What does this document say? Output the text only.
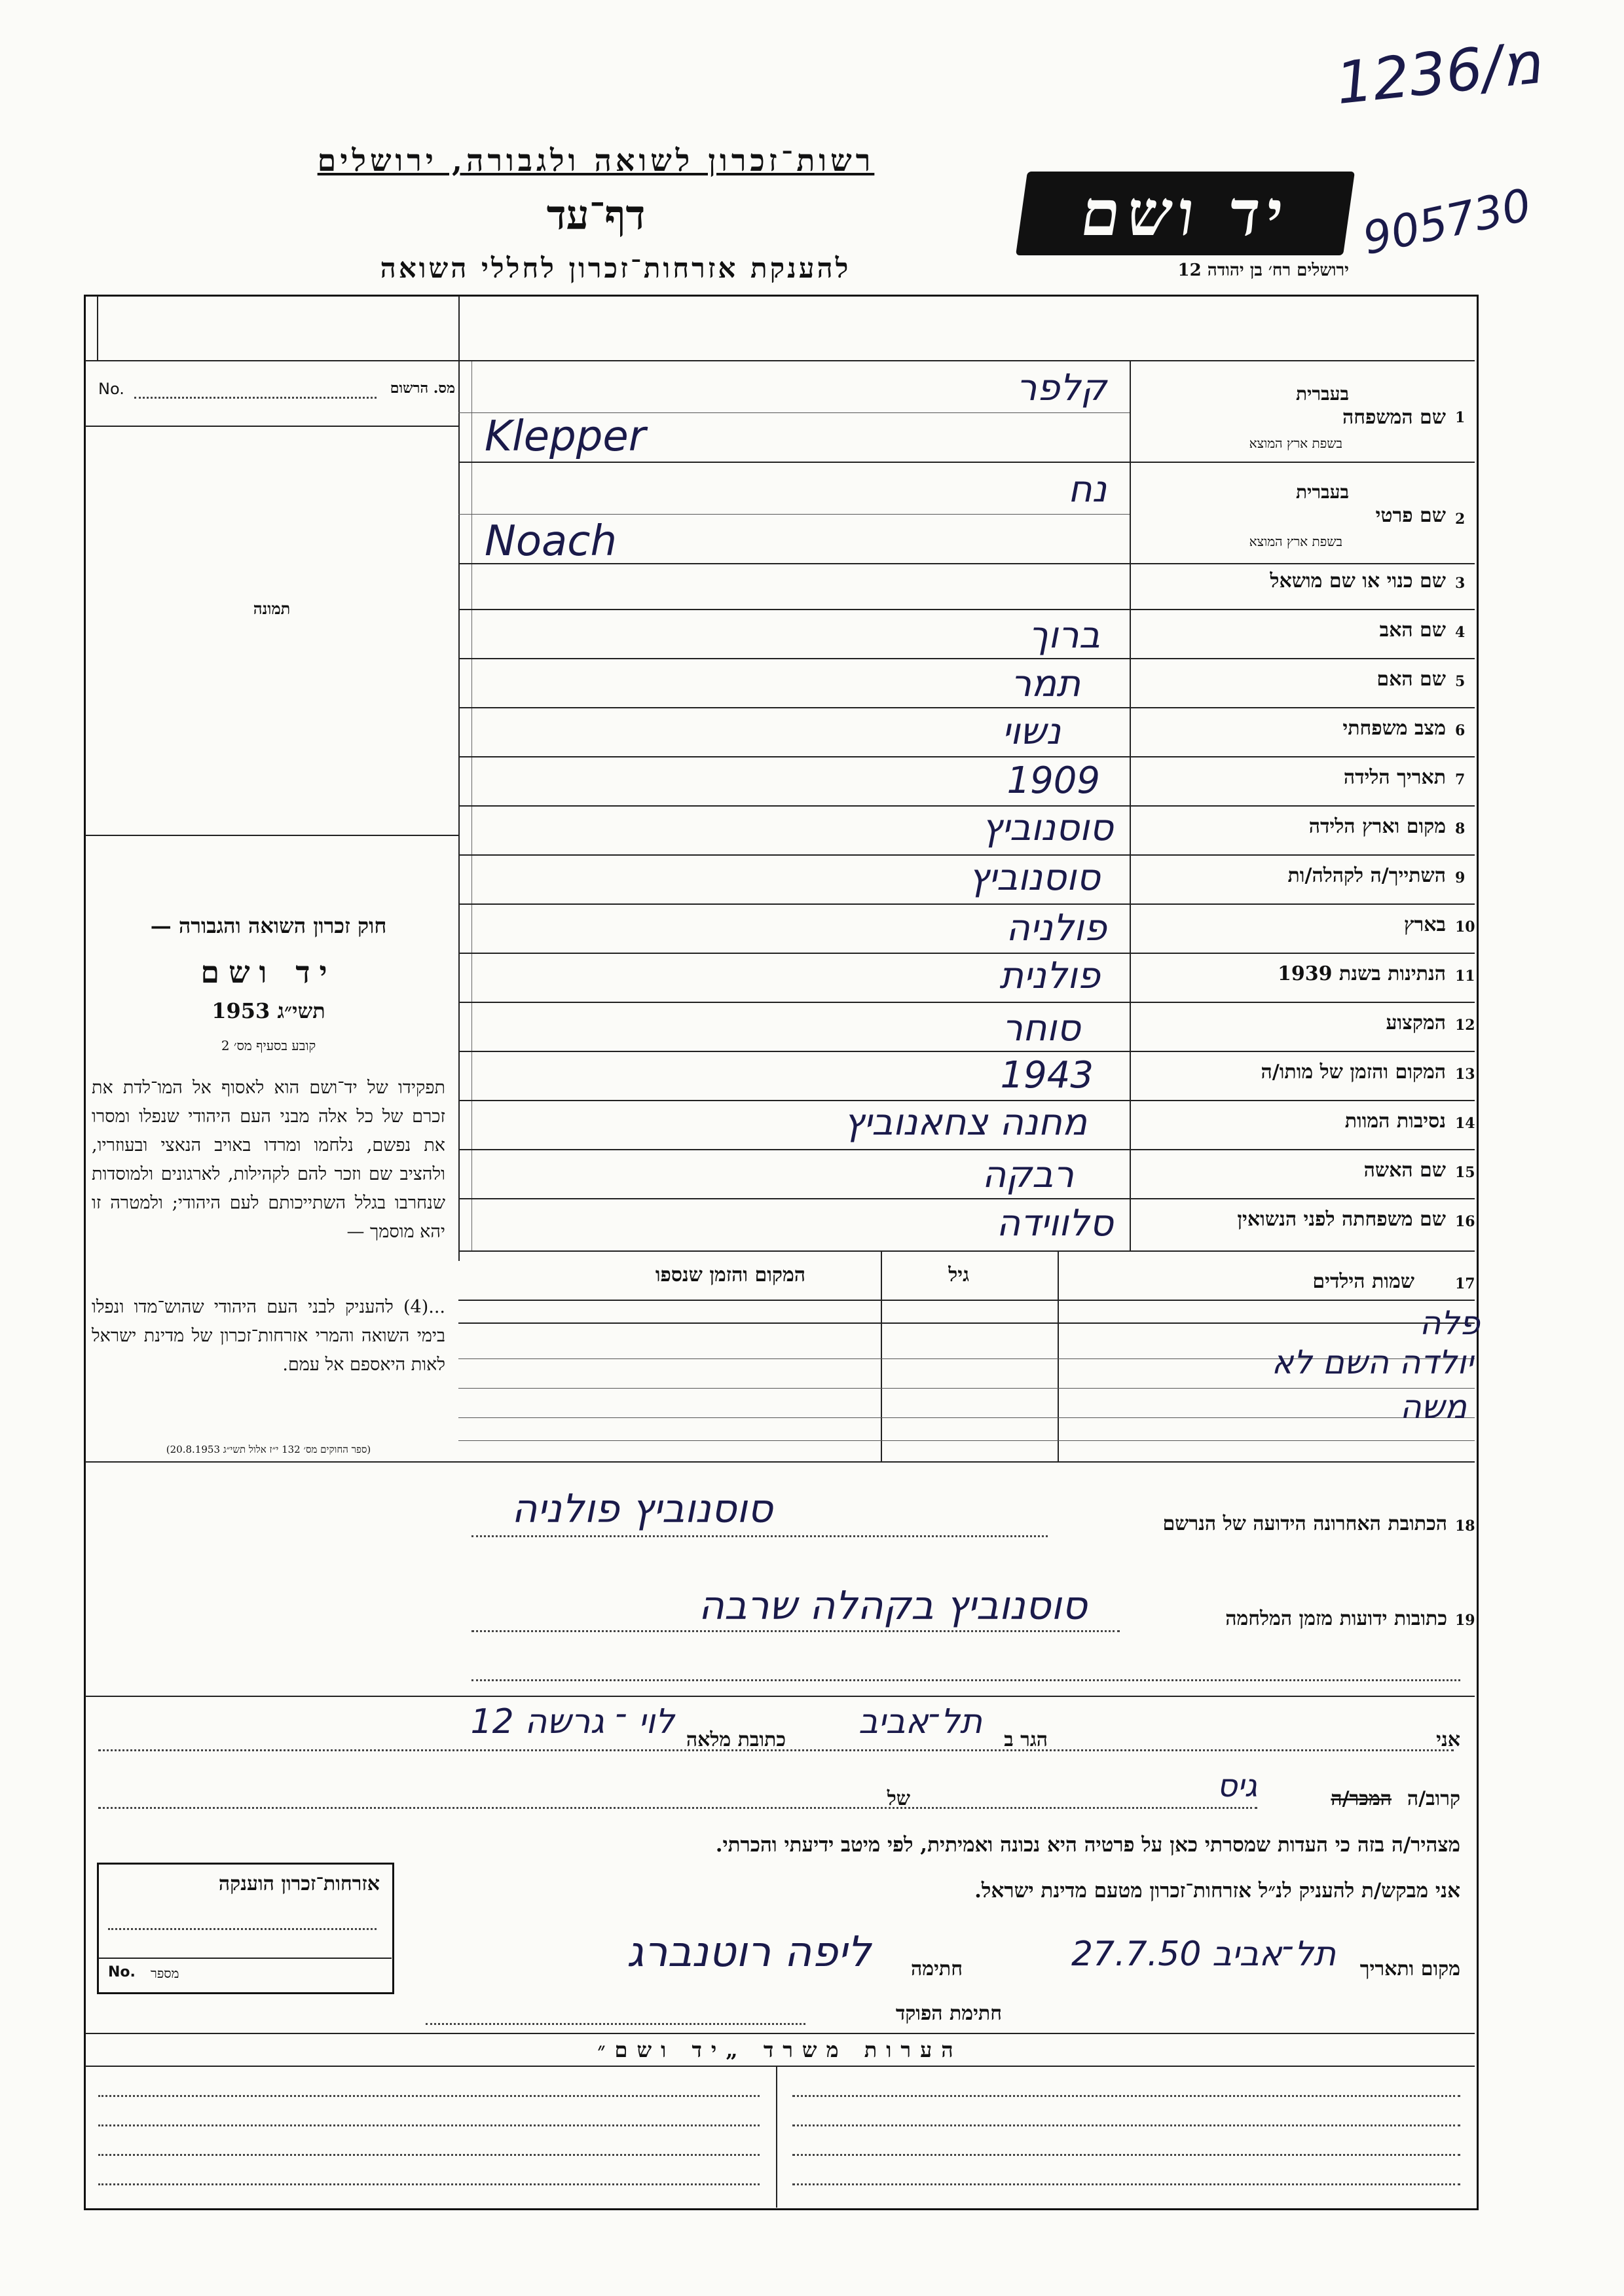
רשות־זכרון לשואה ולגבורה, ירושלים
דף־עד
להענקת אזרחות־זכרון לחללי השואה
יד ושם
ירושלים רח׳ בן יהודה 12
מ/1236
905730
No.	מס. הרשום
תמונה
חוק זכרון השואה והגבורה —
יד ושם
תשי״ג 1953
קובע בסעיף מס׳ 2
תפקידו של יד־ושם הוא לאסוף אל המו־לדת את זכרם של כל אלה מבני העם היהודי שנפלו ומסרו את נפשם, נלחמו ומרדו באויב הנאצי ובעוזריו, ולהציב שם וזכר להם לקהילות, לארגונים ולמוסדות שנחרבו בגלל השתייכותם לעם היהודי; ולמטרה זו יהא מוסמך —
...(4) להעניק לבני העם היהודי שהוש־מדו ונפלו בימי השואה והמרי אזרחות־זכרון של מדינת ישראל לאות היאספם אל עמם.
(ספר החוקים מס׳ 132 י״ז אלול תשי״ג 20.8.1953)
1
שם המשפחה
בעברית
בשפת ארץ המוצא
קלפר
Klepper
2
שם פרטי
בעברית
בשפת ארץ המוצא
נח
Noach
3
שם כנוי או שם מושאל
4
שם האב
ברוך
5
שם האם
תמר
6
מצב משפחתי
נשוי
7
תאריך הלידה
1909
8
מקום וארץ הלידה
סוסנוביץ
9
השתייך/ה לקהלה/ות
סוסנוביץ
10
בארץ
פולניה
11
הנתינות בשנת 1939
פולנית
12
המקצוע
סוחר
13
המקום והזמן של מותו/ה
1943
14
נסיבות המוות
מחנה צחאנוביץ
15
שם האשה
רבקה
16
שם משפחתה לפני הנשואין
סלווידה
17
שמות הילדים
גיל
המקום והזמן שנספו
פלה
יולדה השם לא
משה
18
הכתובת האחרונה הידועה של הנרשם
סוסנוביץ פולניה
19
כתובות ידועות מזמן המלחמה
סוסנוביץ בקהלה שרבה
אני
הגר ב
תל־אביב
כתובת מלאה
לוי ־ גרשה 12
קרוב/ה
המכר/ה
גיס
של
מצהיר/ה בזה כי העדות שמסרתי כאן על פרטיה היא נכונה ואמיתית, לפי מיטב ידיעתי והכרתי.
אני מבקש/ת להעניק לנ״ל אזרחות־זכרון מטעם מדינת ישראל.
מקום ותאריך
תל־אביב 27.7.50
חתימה
ליפה רוטנברג
חתימת הפוקד
אזרחות־זכרון הוענקה
מספר
No.
הערות משרד „יד ושם״
